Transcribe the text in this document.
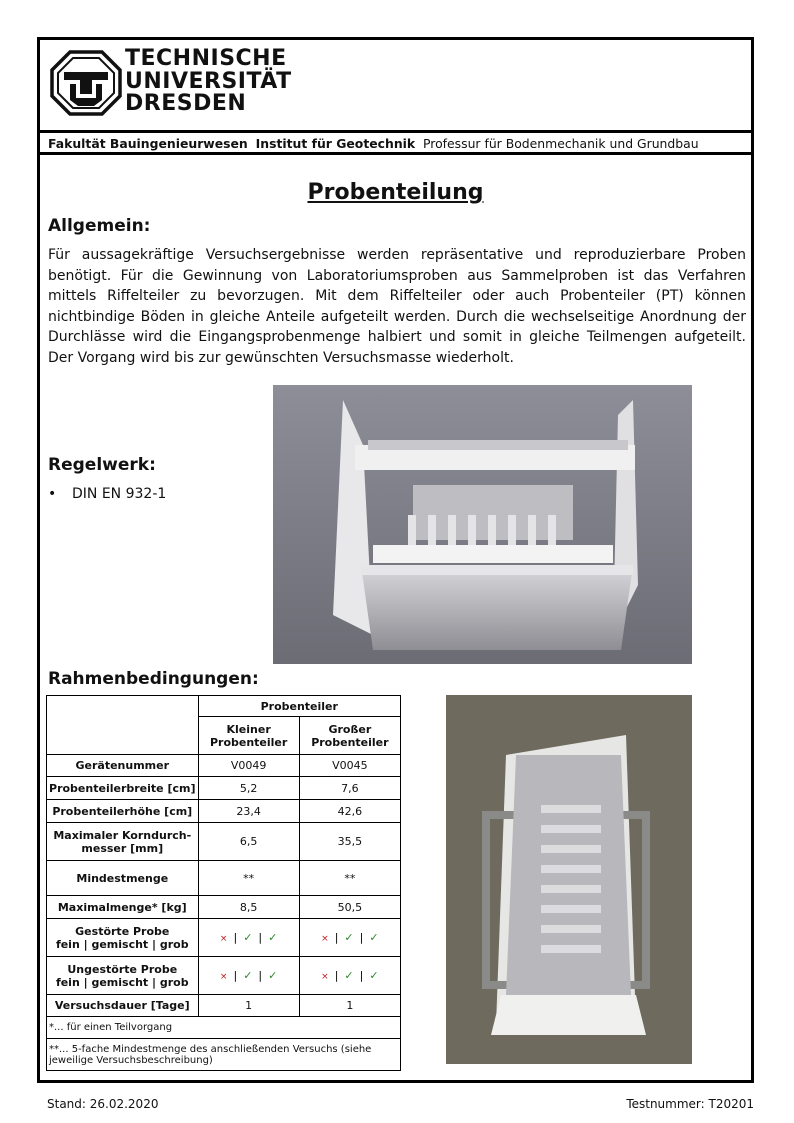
TECHNISCHE
UNIVERSITÄT
DRESDEN
Fakultät Bauingenieurwesen Institut für Geotechnik Professur für Bodenmechanik und Grundbau
Probenteilung
Allgemein:
Für aussagekräftige Versuchsergebnisse werden repräsentative und reproduzierbare Proben benötigt. Für die Gewinnung von Laboratoriumsproben aus Sammelproben ist das Verfahren mittels Riffelteiler zu bevorzugen. Mit dem Riffelteiler oder auch Probenteiler (PT) können nichtbindige Böden in gleiche Anteile aufgeteilt werden. Durch die wechselseitige Anordnung der Durchlässe wird die Eingangsprobenmenge halbiert und somit in gleiche Teilmengen aufgeteilt. Der Vorgang wird bis zur gewünschten Versuchsmasse wiederholt.
Regelwerk:
• DIN EN 932-1
Rahmenbedingungen:
	Probenteiler	
	Kleiner Probenteiler	Großer Probenteiler
Gerätenummer	V0049	V0045
Probenteilerbreite [cm]	5,2	7,6
Probenteilerhöhe [cm]	23,4	42,6
Maximaler Korndurch-messer [mm]	6,5	35,5
Mindestmenge	**	**
Maximalmenge* [kg]	8,5	50,5
Gestörte Probe
fein | gemischt | grob	× | ✓ | ✓	× | ✓ | ✓
Ungestörte Probe
fein | gemischt | grob	× | ✓ | ✓	× | ✓ | ✓
Versuchsdauer [Tage]	1	1
*... für einen Teilvorgang		
**... 5-fache Mindestmenge des anschließenden Versuchs (siehe jeweilige Versuchsbeschreibung)		
Stand: 26.02.2020	Testnummer: T20201
